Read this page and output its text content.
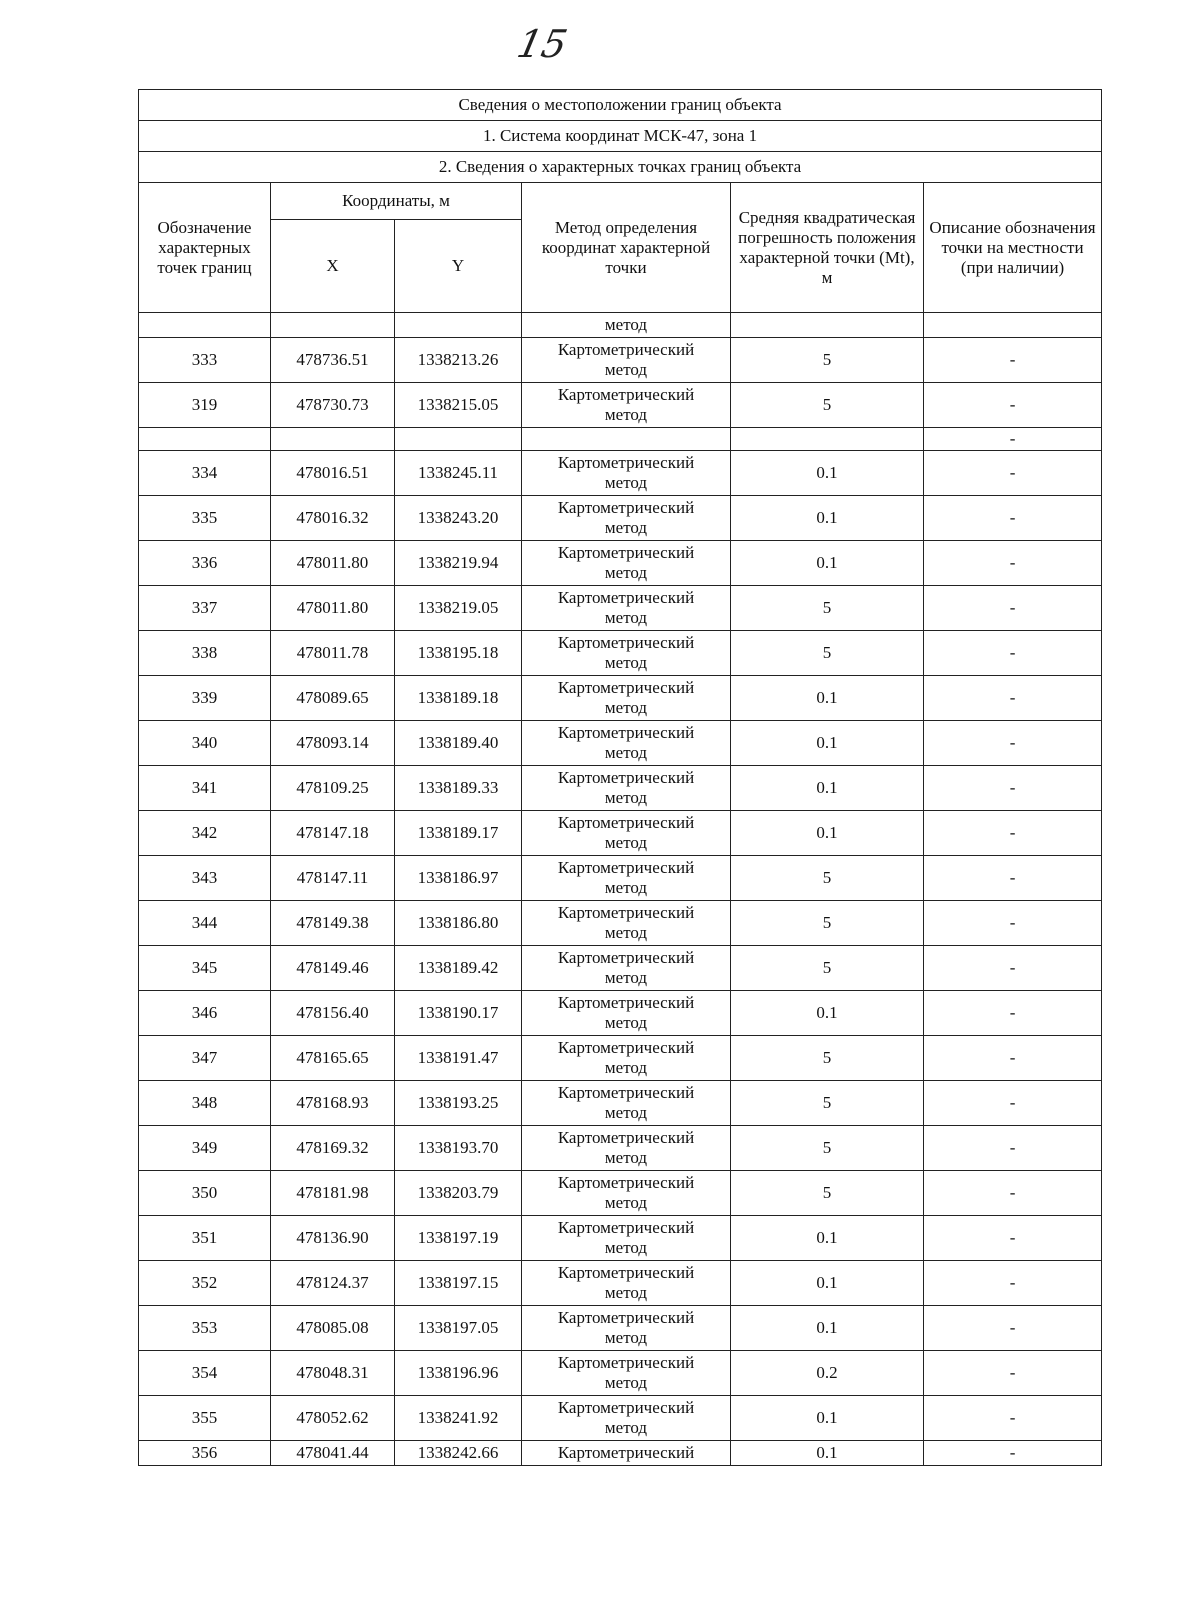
15
Сведения о местоположении границ объекта					
1. Система координат МСК-47, зона 1					
2. Сведения о характерных точках границ объекта					
Обозначение характерных точек границ	Координаты, м		Метод определения координат характерной точки	Средняя квадратическая погрешность положения характерной точки (Mt), м	Описание обозначения точки на местности (при наличии)
	X	Y			
			метод		
333	478736.51	1338213.26	Картометрический
метод	5	-
319	478730.73	1338215.05	Картометрический
метод	5	-
					-
334	478016.51	1338245.11	Картометрический
метод	0.1	-
335	478016.32	1338243.20	Картометрический
метод	0.1	-
336	478011.80	1338219.94	Картометрический
метод	0.1	-
337	478011.80	1338219.05	Картометрический
метод	5	-
338	478011.78	1338195.18	Картометрический
метод	5	-
339	478089.65	1338189.18	Картометрический
метод	0.1	-
340	478093.14	1338189.40	Картометрический
метод	0.1	-
341	478109.25	1338189.33	Картометрический
метод	0.1	-
342	478147.18	1338189.17	Картометрический
метод	0.1	-
343	478147.11	1338186.97	Картометрический
метод	5	-
344	478149.38	1338186.80	Картометрический
метод	5	-
345	478149.46	1338189.42	Картометрический
метод	5	-
346	478156.40	1338190.17	Картометрический
метод	0.1	-
347	478165.65	1338191.47	Картометрический
метод	5	-
348	478168.93	1338193.25	Картометрический
метод	5	-
349	478169.32	1338193.70	Картометрический
метод	5	-
350	478181.98	1338203.79	Картометрический
метод	5	-
351	478136.90	1338197.19	Картометрический
метод	0.1	-
352	478124.37	1338197.15	Картометрический
метод	0.1	-
353	478085.08	1338197.05	Картометрический
метод	0.1	-
354	478048.31	1338196.96	Картометрический
метод	0.2	-
355	478052.62	1338241.92	Картометрический
метод	0.1	-
356	478041.44	1338242.66	Картометрический	0.1	-
